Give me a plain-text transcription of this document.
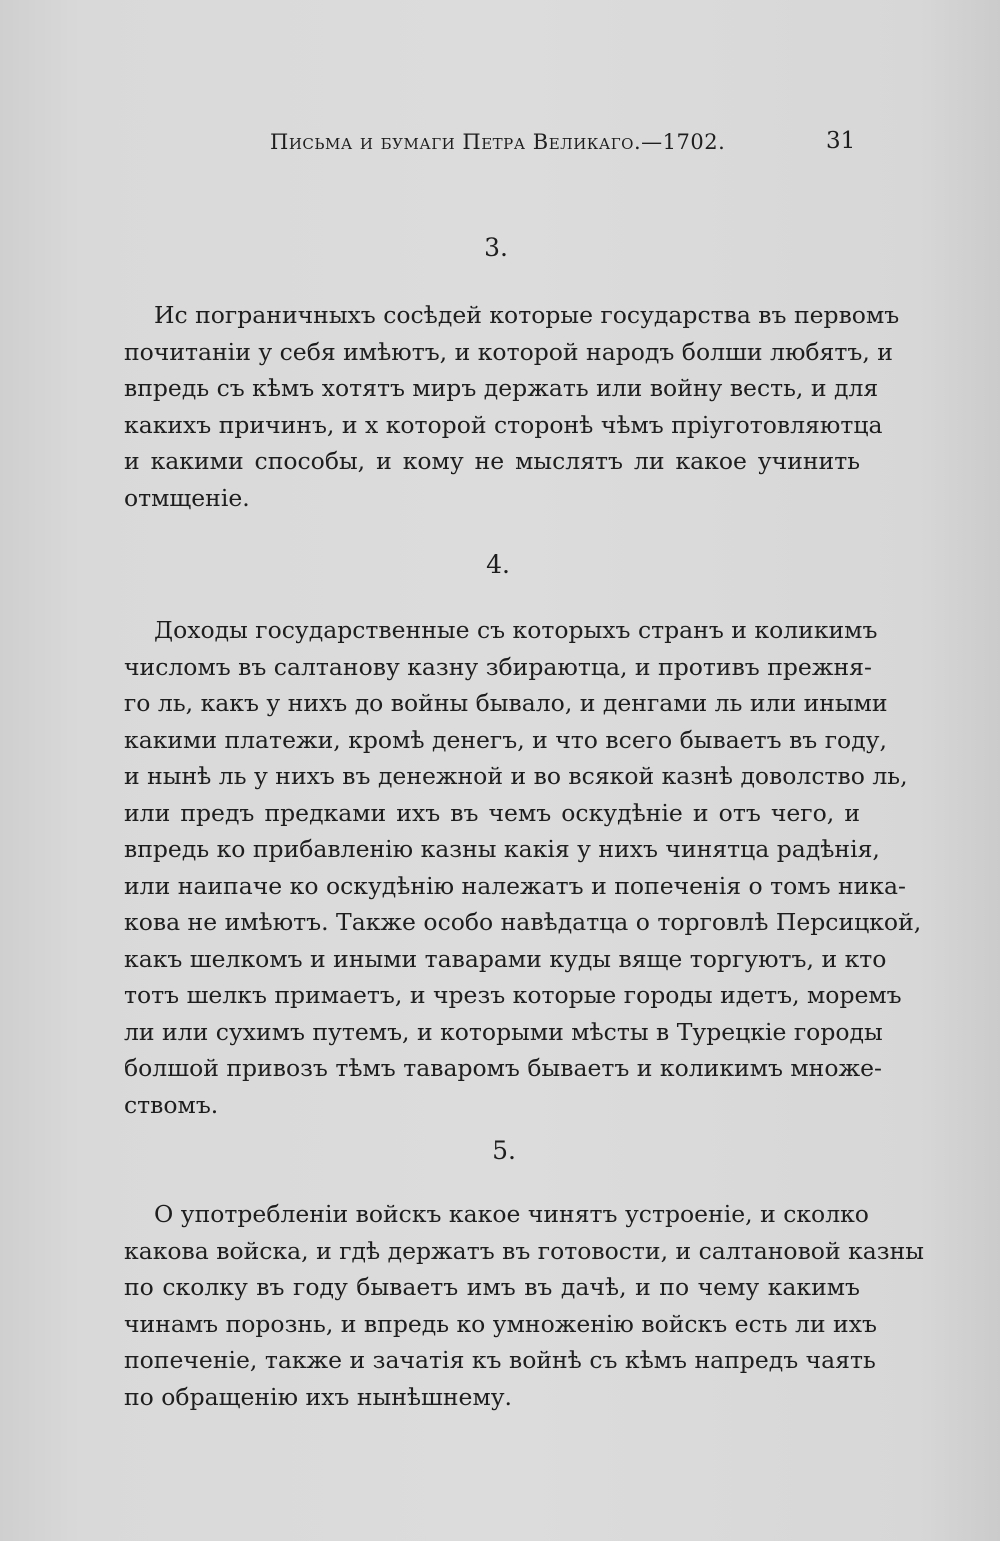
Письма и бумаги Петра Великаго.—1702.	31
3.
Ис пограничныхъ сосѣдей которые государства въ первомъ
почитанiи у себя имѣютъ, и которой народъ болши любятъ, и
впредь съ кѣмъ хотятъ миръ держать или войну весть, и для
какихъ причинъ, и х которой сторонѣ чѣмъ прiуготовляютца
и какими способы, и кому не мыслятъ ли какое учинить
отмщенiе.
4.
Доходы государственные съ которыхъ странъ и коликимъ
числомъ въ салтанову казну збираютца, и противъ прежня-
го ль, какъ у нихъ до войны бывало, и денгами ль или иными
какими платежи, кромѣ денегъ, и что всего бываетъ въ году,
и нынѣ ль у нихъ въ денежной и во всякой казнѣ доволство ль,
или предъ предками ихъ въ чемъ оскудѣнiе и отъ чего, и
впредь ко прибавленiю казны какiя у нихъ чинятца радѣнiя,
или наипаче ко оскудѣнiю належатъ и попеченiя о томъ ника-
кова не имѣютъ. Также особо навѣдатца о торговлѣ Персицкой,
какъ шелкомъ и иными таварами куды вяще торгуютъ, и кто
тотъ шелкъ примаетъ, и чрезъ которые городы идетъ, моремъ
ли или сухимъ путемъ, и которыми мѣсты в Турецкiе городы
болшой привозъ тѣмъ таваромъ бываетъ и коликимъ множе-
ствомъ.
5.
О употребленiи войскъ какое чинятъ устроенiе, и сколко
какова войска, и гдѣ держатъ въ готовости, и салтановой казны
по сколку въ году бываетъ имъ въ дачѣ, и по чему какимъ
чинамъ порознь, и впредь ко умноженiю войскъ есть ли ихъ
попеченiе, также и зачатiя къ войнѣ съ кѣмъ напредъ чаять
по обращенiю ихъ нынѣшнему.
